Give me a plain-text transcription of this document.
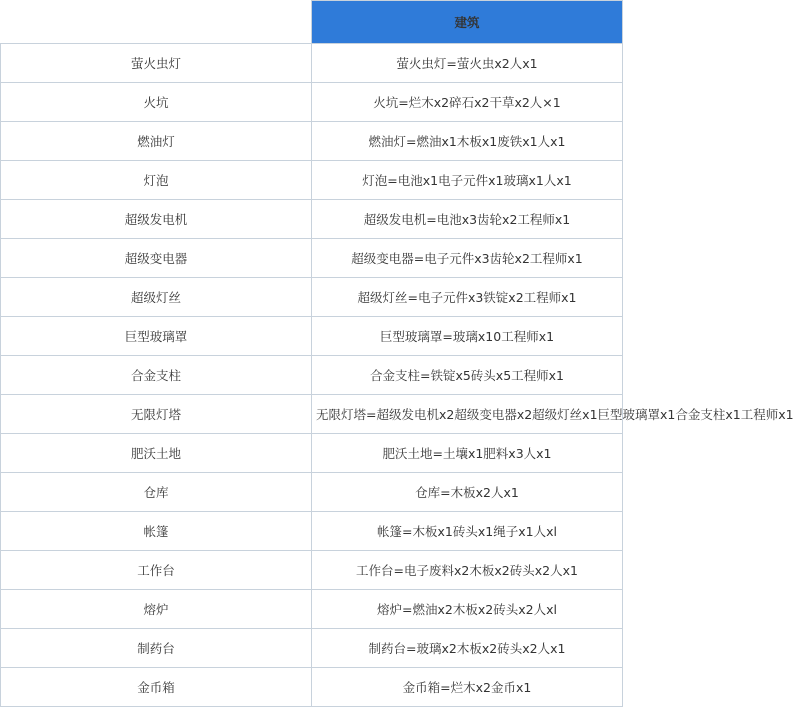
	建筑
萤火虫灯	萤火虫灯=萤火虫x2人x1
火坑	火坑=烂木x2碎石x2干草x2人×1
燃油灯	燃油灯=燃油x1木板x1废铁x1人x1
灯泡	灯泡=电池x1电子元件x1玻璃x1人x1
超级发电机	超级发电机=电池x3齿轮x2工程师x1
超级变电器	超级变电器=电子元件x3齿轮x2工程师x1
超级灯丝	超级灯丝=电子元件x3铁锭x2工程师x1
巨型玻璃罩	巨型玻璃罩=玻璃x10工程师x1
合金支柱	合金支柱=铁锭x5砖头x5工程师x1
无限灯塔	无限灯塔=超级发电机x2超级变电器x2超级灯丝x1巨型玻璃罩x1合金支柱x1工程师x1
肥沃土地	肥沃土地=土壤x1肥料x3人x1
仓库	仓库=木板x2人x1
帐篷	帐篷=木板x1砖头x1绳子x1人xl
工作台	工作台=电子废料x2木板x2砖头x2人x1
熔炉	熔炉=燃油x2木板x2砖头x2人xl
制药台	制药台=玻璃x2木板x2砖头x2人x1
金币箱	金币箱=烂木x2金币x1
